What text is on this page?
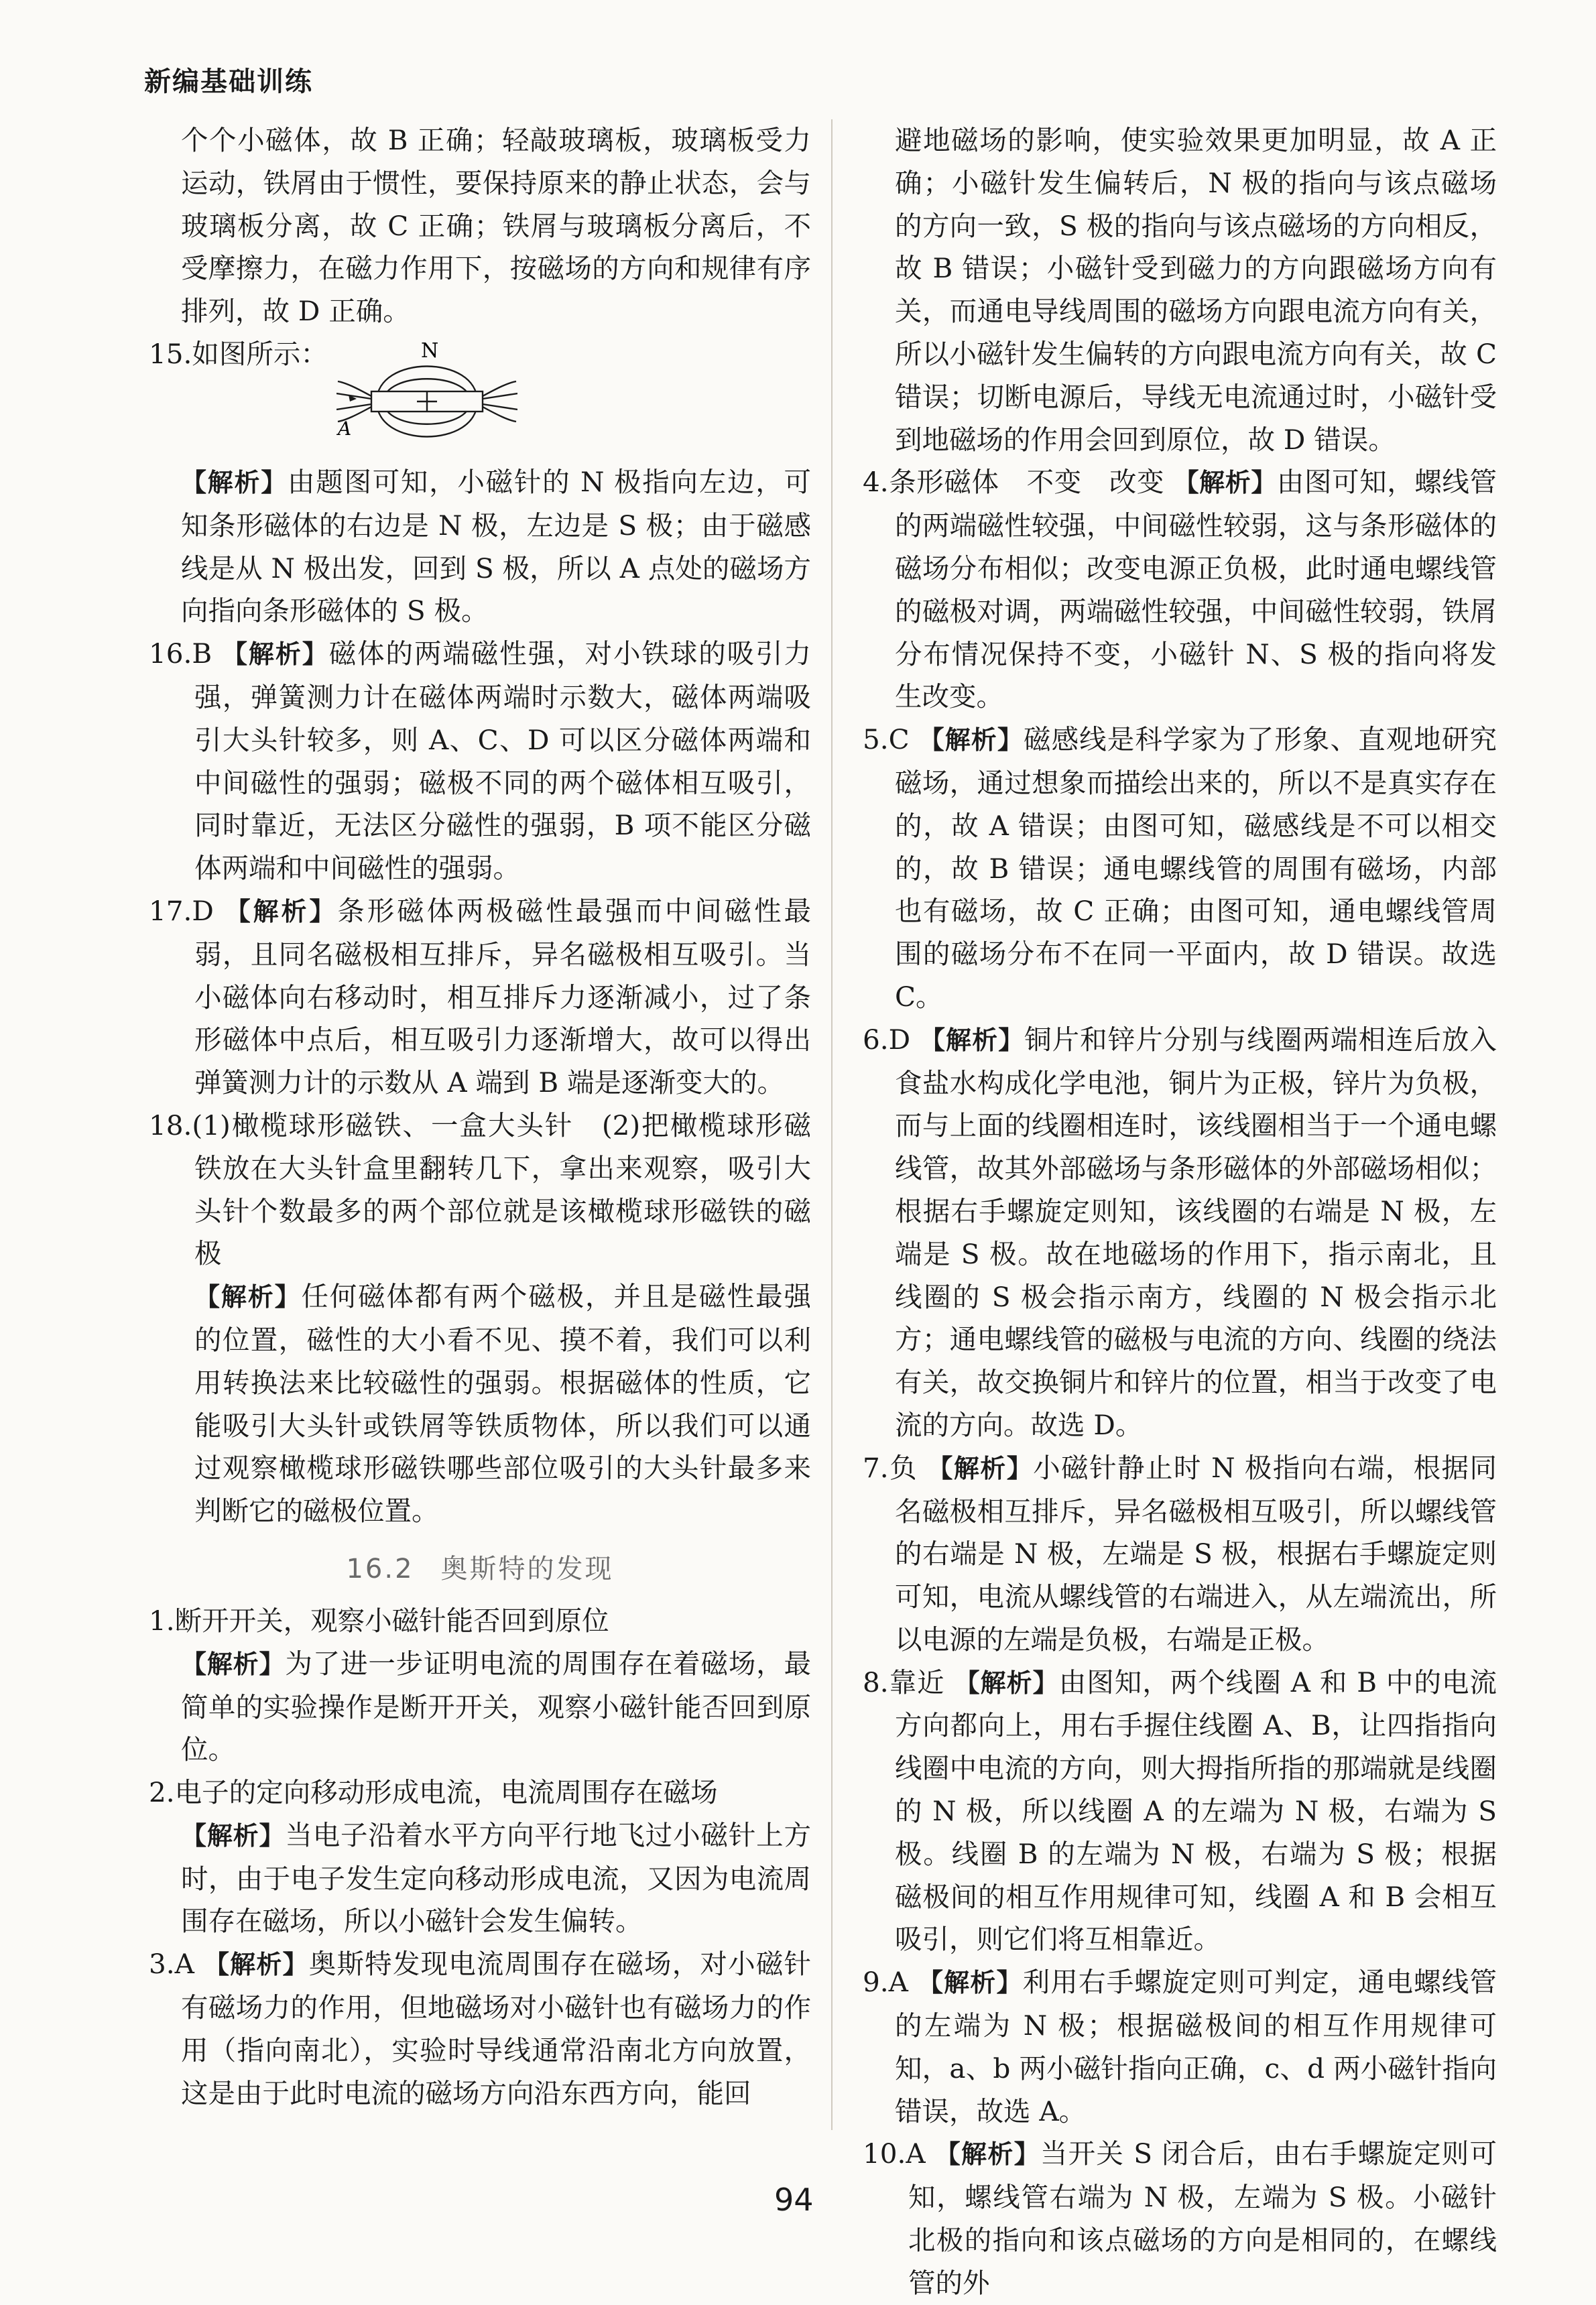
新编基础训练

个个小磁体，故 B 正确；轻敲玻璃板，玻璃板受力运动，铁屑由于惯性，要保持原来的静止状态，会与玻璃板分离，故 C 正确；铁屑与玻璃板分离后，不受摩擦力，在磁力作用下，按磁场的方向和规律有序排列，故 D 正确。

15.如图所示：	N
A

【解析】由题图可知，小磁针的 N 极指向左边，可知条形磁体的右边是 N 极，左边是 S 极；由于磁感线是从 N 极出发，回到 S 极，所以 A 点处的磁场方向指向条形磁体的 S 极。

16.B 【解析】磁体的两端磁性强，对小铁球的吸引力强，弹簧测力计在磁体两端时示数大，磁体两端吸引大头针较多，则 A、C、D 可以区分磁体两端和中间磁性的强弱；磁极不同的两个磁体相互吸引，同时靠近，无法区分磁性的强弱，B 项不能区分磁体两端和中间磁性的强弱。

17.D 【解析】条形磁体两极磁性最强而中间磁性最弱，且同名磁极相互排斥，异名磁极相互吸引。当小磁体向右移动时，相互排斥力逐渐减小，过了条形磁体中点后，相互吸引力逐渐增大，故可以得出弹簧测力计的示数从 A 端到 B 端是逐渐变大的。

18.(1)橄榄球形磁铁、一盒大头针　(2)把橄榄球形磁铁放在大头针盒里翻转几下，拿出来观察，吸引大头针个数最多的两个部位就是该橄榄球形磁铁的磁极

【解析】任何磁体都有两个磁极，并且是磁性最强的位置，磁性的大小看不见、摸不着，我们可以利用转换法来比较磁性的强弱。根据磁体的性质，它能吸引大头针或铁屑等铁质物体，所以我们可以通过观察橄榄球形磁铁哪些部位吸引的大头针最多来判断它的磁极位置。

16.2 奥斯特的发现

1.断开开关，观察小磁针能否回到原位

【解析】为了进一步证明电流的周围存在着磁场，最简单的实验操作是断开开关，观察小磁针能否回到原位。

2.电子的定向移动形成电流，电流周围存在磁场

【解析】当电子沿着水平方向平行地飞过小磁针上方时，由于电子发生定向移动形成电流，又因为电流周围存在磁场，所以小磁针会发生偏转。

3.A 【解析】奥斯特发现电流周围存在磁场，对小磁针有磁场力的作用，但地磁场对小磁针也有磁场力的作用（指向南北），实验时导线通常沿南北方向放置，这是由于此时电流的磁场方向沿东西方向，能回

避地磁场的影响，使实验效果更加明显，故 A 正确；小磁针发生偏转后，N 极的指向与该点磁场的方向一致，S 极的指向与该点磁场的方向相反，故 B 错误；小磁针受到磁力的方向跟磁场方向有关，而通电导线周围的磁场方向跟电流方向有关，所以小磁针发生偏转的方向跟电流方向有关，故 C 错误；切断电源后，导线无电流通过时，小磁针受到地磁场的作用会回到原位，故 D 错误。

4.条形磁体　不变　改变 【解析】由图可知，螺线管的两端磁性较强，中间磁性较弱，这与条形磁体的磁场分布相似；改变电源正负极，此时通电螺线管的磁极对调，两端磁性较强，中间磁性较弱，铁屑分布情况保持不变，小磁针 N、S 极的指向将发生改变。

5.C 【解析】磁感线是科学家为了形象、直观地研究磁场，通过想象而描绘出来的，所以不是真实存在的，故 A 错误；由图可知，磁感线是不可以相交的，故 B 错误；通电螺线管的周围有磁场，内部也有磁场，故 C 正确；由图可知，通电螺线管周围的磁场分布不在同一平面内，故 D 错误。故选 C。

6.D 【解析】铜片和锌片分别与线圈两端相连后放入食盐水构成化学电池，铜片为正极，锌片为负极，而与上面的线圈相连时，该线圈相当于一个通电螺线管，故其外部磁场与条形磁体的外部磁场相似；根据右手螺旋定则知，该线圈的右端是 N 极，左端是 S 极。故在地磁场的作用下，指示南北，且线圈的 S 极会指示南方，线圈的 N 极会指示北方；通电螺线管的磁极与电流的方向、线圈的绕法有关，故交换铜片和锌片的位置，相当于改变了电流的方向。故选 D。

7.负 【解析】小磁针静止时 N 极指向右端，根据同名磁极相互排斥，异名磁极相互吸引，所以螺线管的右端是 N 极，左端是 S 极，根据右手螺旋定则可知，电流从螺线管的右端进入，从左端流出，所以电源的左端是负极，右端是正极。

8.靠近 【解析】由图知，两个线圈 A 和 B 中的电流方向都向上，用右手握住线圈 A、B，让四指指向线圈中电流的方向，则大拇指所指的那端就是线圈的 N 极，所以线圈 A 的左端为 N 极，右端为 S 极。线圈 B 的左端为 N 极，右端为 S 极；根据磁极间的相互作用规律可知，线圈 A 和 B 会相互吸引，则它们将互相靠近。

9.A 【解析】利用右手螺旋定则可判定，通电螺线管的左端为 N 极；根据磁极间的相互作用规律可知，a、b 两小磁针指向正确，c、d 两小磁针指向错误，故选 A。

10.A 【解析】当开关 S 闭合后，由右手螺旋定则可知，螺线管右端为 N 极，左端为 S 极。小磁针北极的指向和该点磁场的方向是相同的，在螺线管的外

94
